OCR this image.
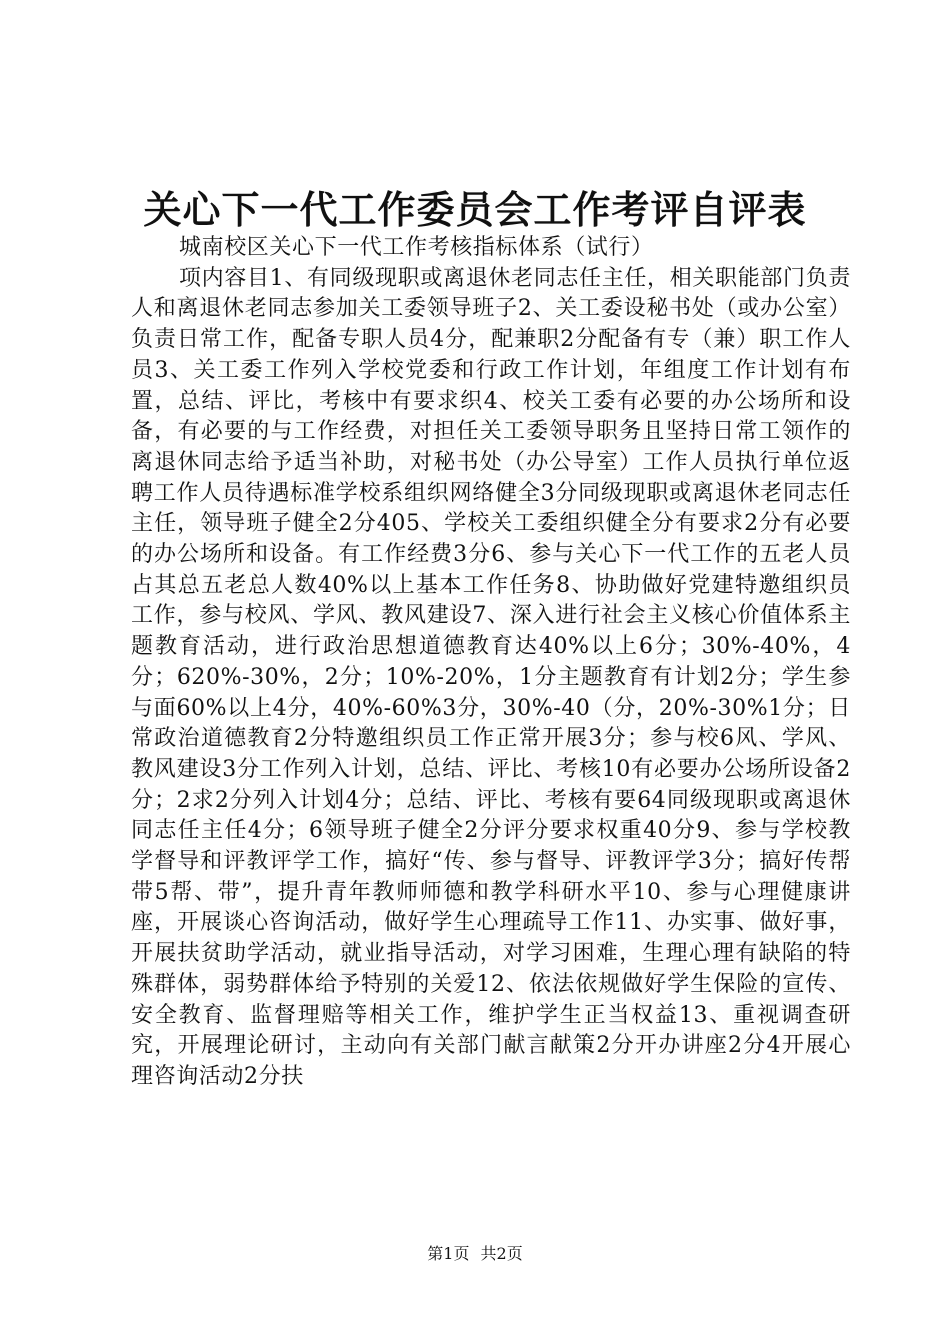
关心下一代工作委员会工作考评自评表

城南校区关心下一代工作考核指标体系（试行）

项内容目1、有同级现职或离退休老同志任主任，相关职能部门负责人和离退休老同志参加关工委领导班子2、关工委设秘书处（或办公室）负责日常工作，配备专职人员4分，配兼职2分配备有专（兼）职工作人员3、关工委工作列入学校党委和行政工作计划，年组度工作计划有布置，总结、评比，考核中有要求织4、校关工委有必要的办公场所和设备，有必要的与工作经费，对担任关工委领导职务且坚持日常工领作的离退休同志给予适当补助，对秘书处（办公导室）工作人员执行单位返聘工作人员待遇标准学校系组织网络健全3分同级现职或离退休老同志任主任，领导班子健全2分405、学校关工委组织健全分有要求2分有必要的办公场所和设备。有工作经费3分6、参与关心下一代工作的五老人员占其总五老总人数40%以上基本工作任务8、协助做好党建特邀组织员工作，参与校风、学风、教风建设7、深入进行社会主义核心价值体系主题教育活动，进行政治思想道德教育达40%以上6分；30%-40%，4分；620%-30%，2分；10%-20%，1分主题教育有计划2分；学生参与面60%以上4分，40%-60%3分，30%-40（分，20%-30%1分；日常政治道德教育2分特邀组织员工作正常开展3分；参与校6风、学风、教风建设3分工作列入计划，总结、评比、考核10有必要办公场所设备2分；2求2分列入计划4分；总结、评比、考核有要64同级现职或离退休同志任主任4分；6领导班子健全2分评分要求权重40分9、参与学校教学督导和评教评学工作，搞好“传、参与督导、评教评学3分；搞好传帮带5帮、带”，提升青年教师师德和教学科研水平10、参与心理健康讲座，开展谈心咨询活动，做好学生心理疏导工作11、办实事、做好事，开展扶贫助学活动，就业指导活动，对学习困难，生理心理有缺陷的特殊群体，弱势群体给予特别的关爱12、依法依规做好学生保险的宣传、安全教育、监督理赔等相关工作，维护学生正当权益13、重视调查研究，开展理论研讨，主动向有关部门献言献策2分开办讲座2分4开展心理咨询活动2分扶

第1页 共2页
